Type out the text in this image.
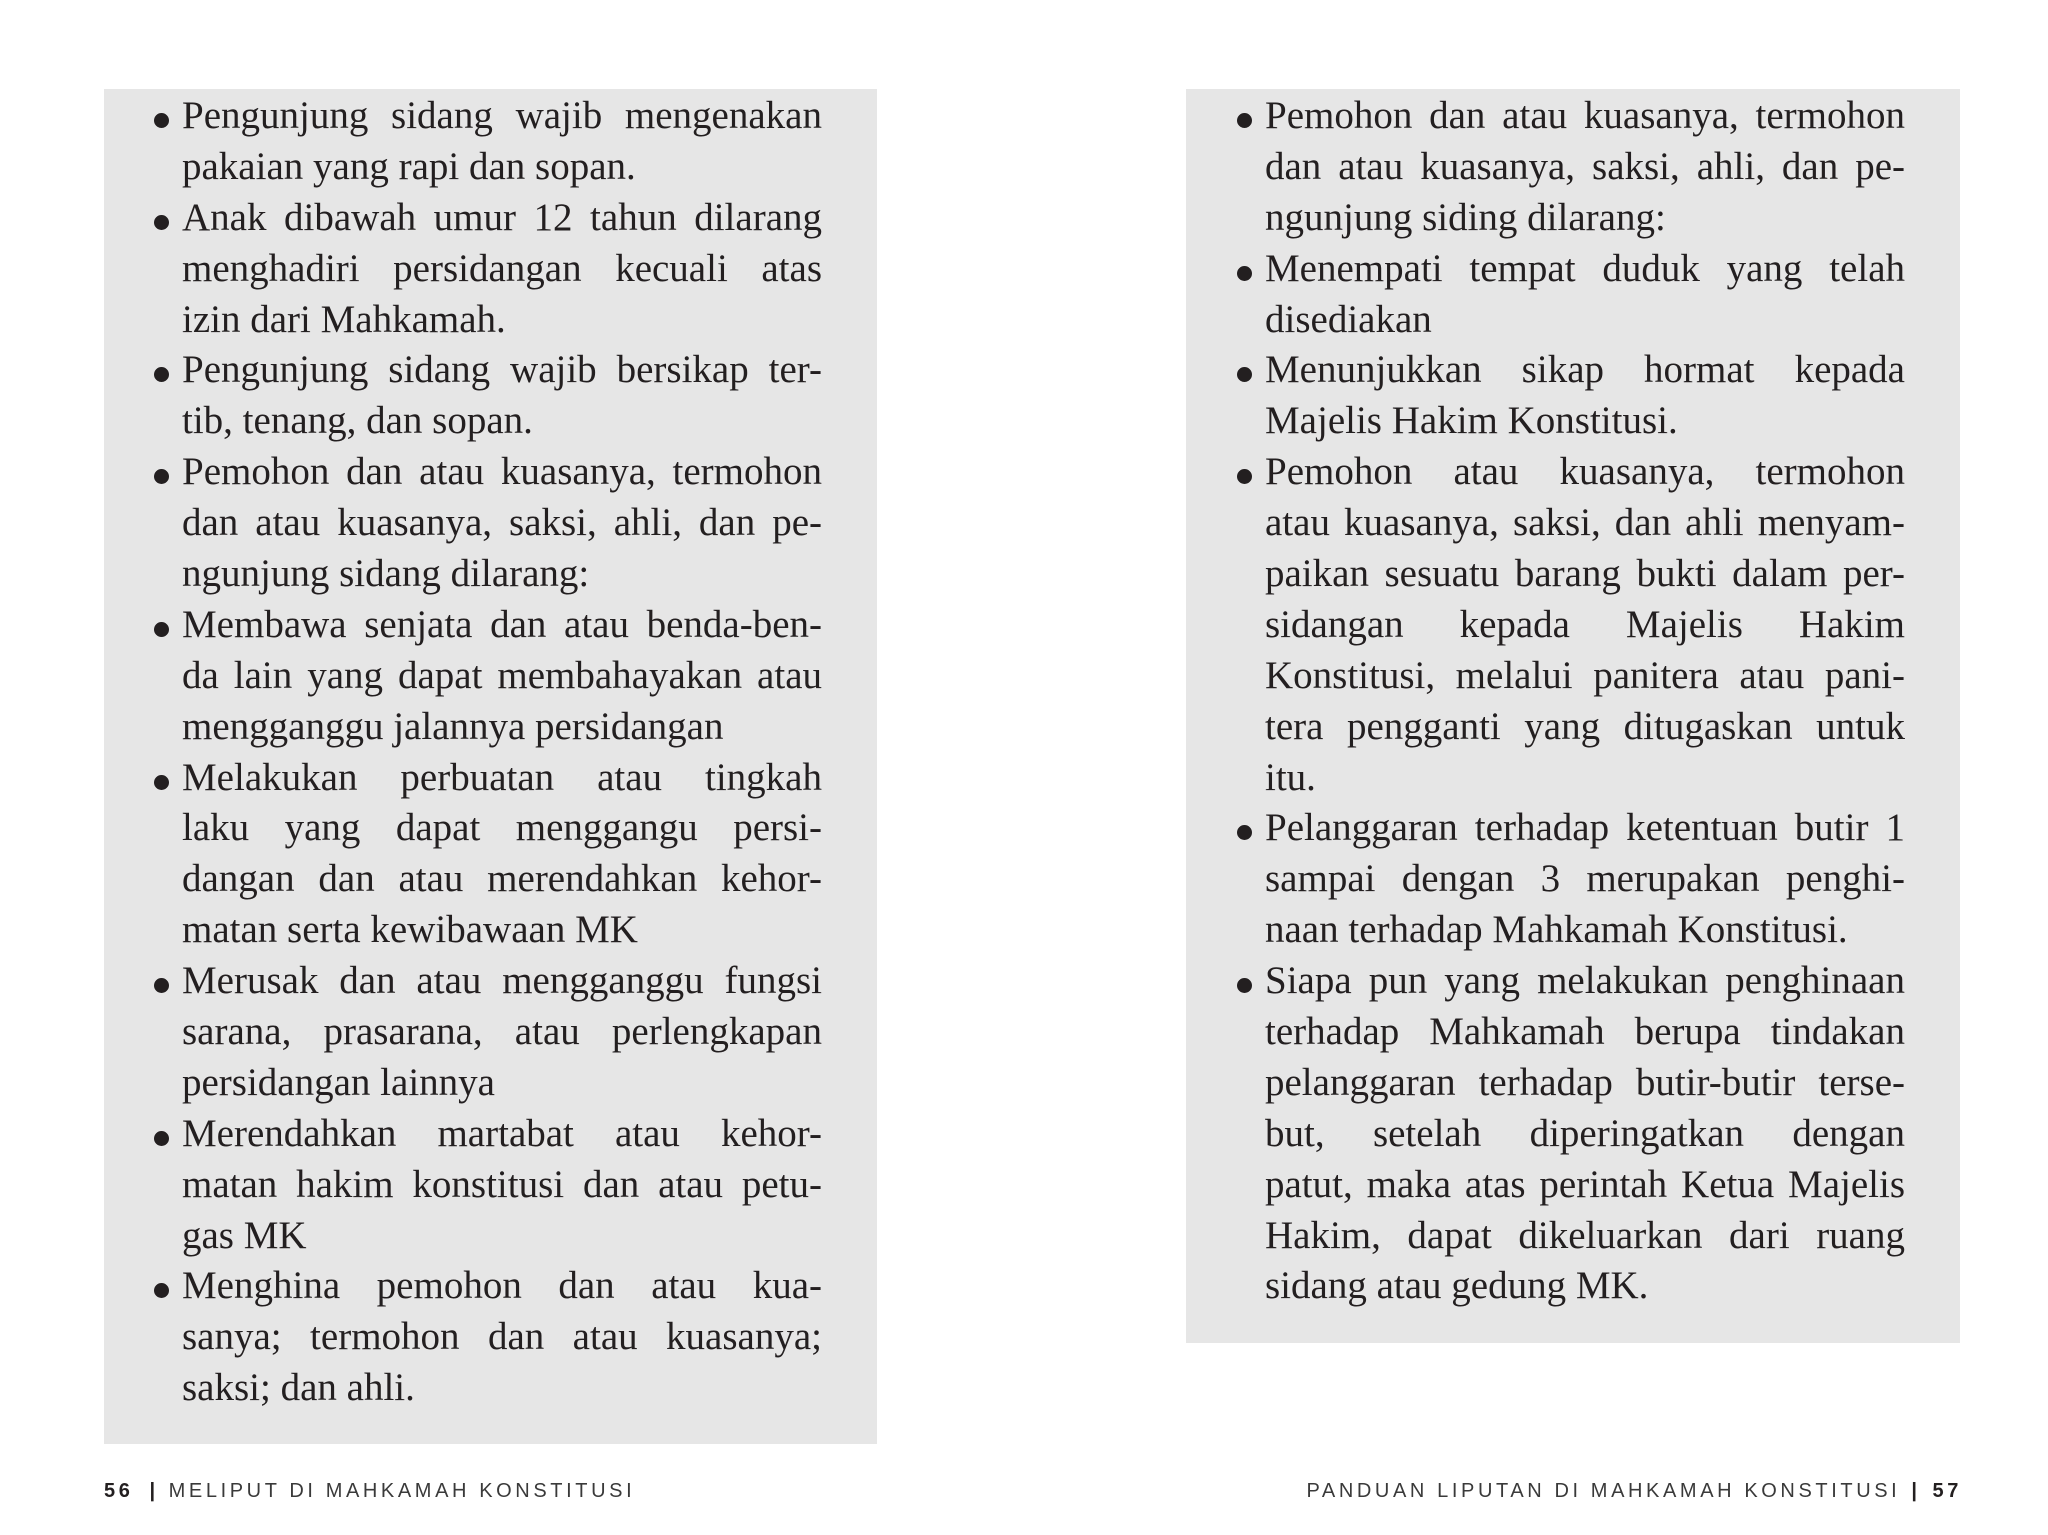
Pengunjung sidang wajib mengenakan
pakaian yang rapi dan sopan.
Anak dibawah umur 12 tahun dilarang
menghadiri persidangan kecuali atas
izin dari Mahkamah.
Pengunjung sidang wajib bersikap ter-
tib, tenang, dan sopan.
Pemohon dan atau kuasanya, termohon
dan atau kuasanya, saksi, ahli, dan pe-
ngunjung sidang dilarang:
Membawa senjata dan atau benda-ben-
da lain yang dapat membahayakan atau
mengganggu jalannya persidangan
Melakukan perbuatan atau tingkah
laku yang dapat menggangu persi-
dangan dan atau merendahkan kehor-
matan serta kewibawaan MK
Merusak dan atau mengganggu fungsi
sarana, prasarana, atau perlengkapan
persidangan lainnya
Merendahkan martabat atau kehor-
matan hakim konstitusi dan atau petu-
gas MK
Menghina pemohon dan atau kua-
sanya; termohon dan atau kuasanya;
saksi; dan ahli.
Pemohon dan atau kuasanya, termohon
dan atau kuasanya, saksi, ahli, dan pe-
ngunjung siding dilarang:
Menempati tempat duduk yang telah
disediakan
Menunjukkan sikap hormat kepada
Majelis Hakim Konstitusi.
Pemohon atau kuasanya, termohon
atau kuasanya, saksi, dan ahli menyam-
paikan sesuatu barang bukti dalam per-
sidangan kepada Majelis Hakim
Konstitusi, melalui panitera atau pani-
tera pengganti yang ditugaskan untuk
itu.
Pelanggaran terhadap ketentuan butir 1
sampai dengan 3 merupakan penghi-
naan terhadap Mahkamah Konstitusi.
Siapa pun yang melakukan penghinaan
terhadap Mahkamah berupa tindakan
pelanggaran terhadap butir-butir terse-
but, setelah diperingatkan dengan
patut, maka atas perintah Ketua Majelis
Hakim, dapat dikeluarkan dari ruang
sidang atau gedung MK.
56 | MELIPUT DI MAHKAMAH KONSTITUSI	PANDUAN LIPUTAN DI MAHKAMAH KONSTITUSI | 57
